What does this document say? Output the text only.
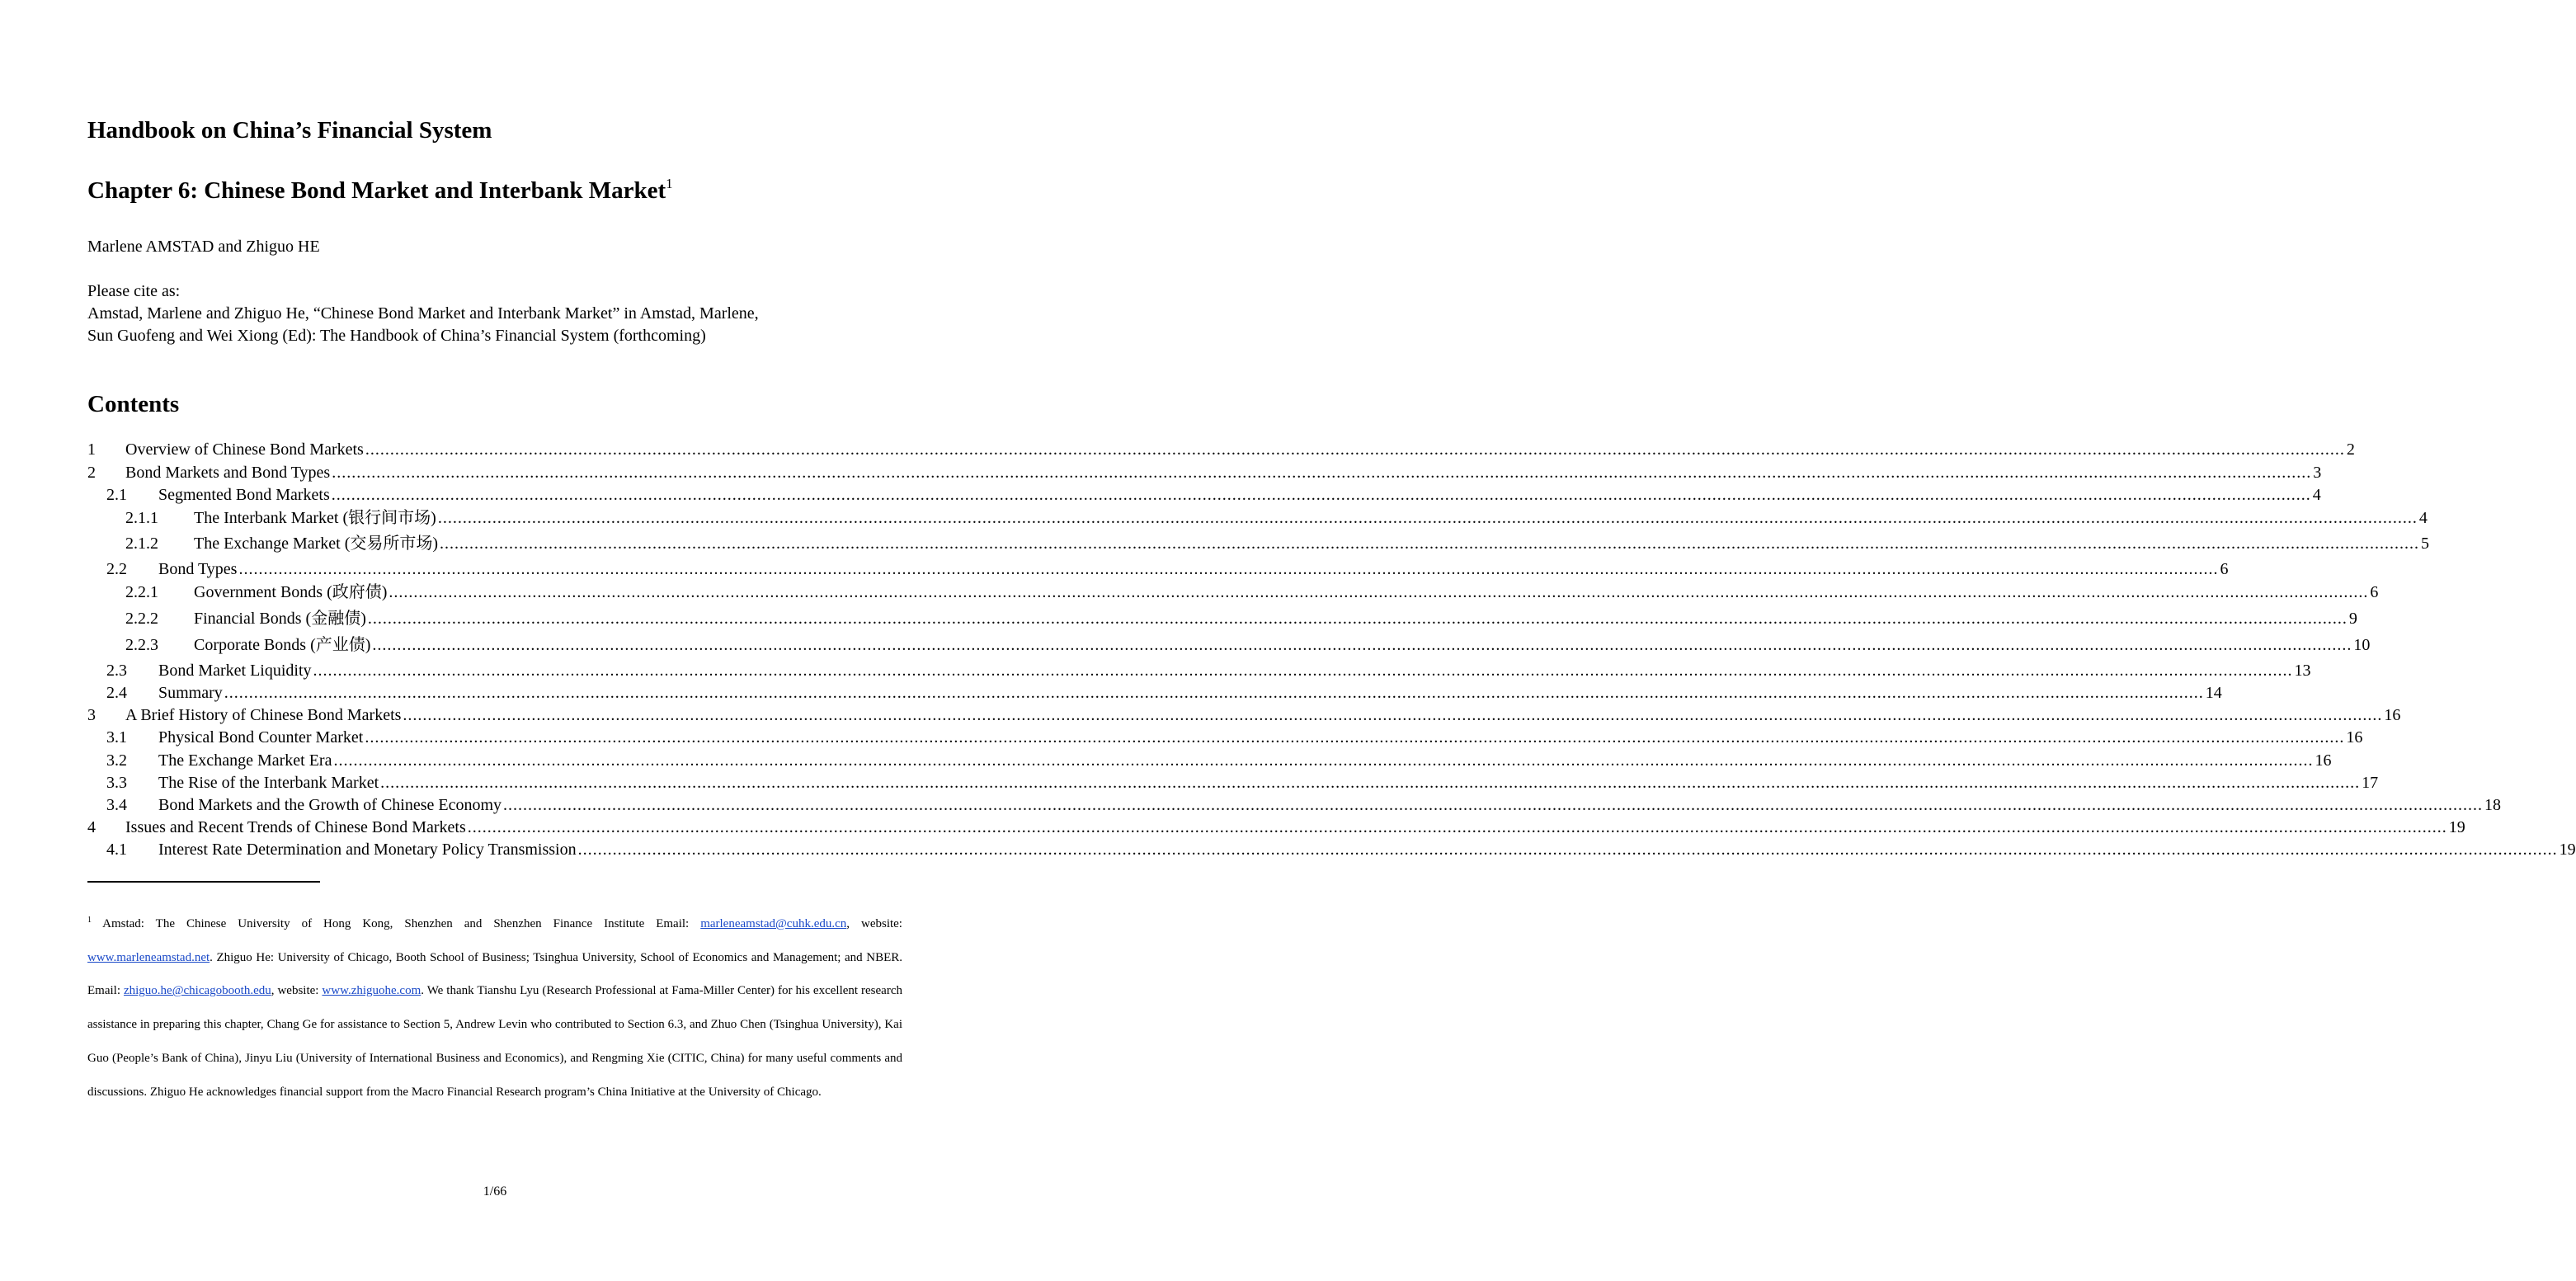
Handbook on China’s Financial System
Chapter 6: Chinese Bond Market and Interbank Market$^1$
Marlene AMSTAD and Zhiguo HE
Please cite as:
Amstad, Marlene and Zhiguo He, “Chinese Bond Market and Interbank Market” in Amstad, Marlene,
Sun Guofeng and Wei Xiong (Ed): The Handbook of China’s Financial System (forthcoming)
Contents
1 Overview of Chinese Bond Markets ................................................................................................................................................................................................................................................................................................................................................................................................................ 2
2 Bond Markets and Bond Types ................................................................................................................................................................................................................................................................................................................................................................................................................ 3
2.1 Segmented Bond Markets ................................................................................................................................................................................................................................................................................................................................................................................................................ 4
2.1.1 The Interbank Market (银行间市场) ................................................................................................................................................................................................................................................................................................................................................................................................................ 4
2.1.2 The Exchange Market (交易所市场) ................................................................................................................................................................................................................................................................................................................................................................................................................ 5
2.2 Bond Types ................................................................................................................................................................................................................................................................................................................................................................................................................ 6
2.2.1 Government Bonds (政府债) ................................................................................................................................................................................................................................................................................................................................................................................................................ 6
2.2.2 Financial Bonds (金融债) ................................................................................................................................................................................................................................................................................................................................................................................................................ 9
2.2.3 Corporate Bonds (产业债) ................................................................................................................................................................................................................................................................................................................................................................................................................ 10
2.3 Bond Market Liquidity ................................................................................................................................................................................................................................................................................................................................................................................................................ 13
2.4 Summary ................................................................................................................................................................................................................................................................................................................................................................................................................ 14
3 A Brief History of Chinese Bond Markets ................................................................................................................................................................................................................................................................................................................................................................................................................ 16
3.1 Physical Bond Counter Market ................................................................................................................................................................................................................................................................................................................................................................................................................ 16
3.2 The Exchange Market Era ................................................................................................................................................................................................................................................................................................................................................................................................................ 16
3.3 The Rise of the Interbank Market ................................................................................................................................................................................................................................................................................................................................................................................................................ 17
3.4 Bond Markets and the Growth of Chinese Economy ................................................................................................................................................................................................................................................................................................................................................................................................................ 18
4 Issues and Recent Trends of Chinese Bond Markets ................................................................................................................................................................................................................................................................................................................................................................................................................ 19
4.1 Interest Rate Determination and Monetary Policy Transmission ................................................................................................................................................................................................................................................................................................................................................................................................................ 19
$^1$ Amstad: The Chinese University of Hong Kong, Shenzhen and Shenzhen Finance Institute Email: marleneamstad@cuhk.edu.cn, website: www.marleneamstad.net. Zhiguo He: University of Chicago, Booth School of Business; Tsinghua University, School of Economics and Management; and NBER. Email: zhiguo.he@chicagobooth.edu, website: www.zhiguohe.com. We thank Tianshu Lyu (Research Professional at Fama-Miller Center) for his excellent research assistance in preparing this chapter, Chang Ge for assistance to Section 5, Andrew Levin who contributed to Section 6.3, and Zhuo Chen (Tsinghua University), Kai Guo (People’s Bank of China), Jinyu Liu (University of International Business and Economics), and Rengming Xie (CITIC, China) for many useful comments and discussions. Zhiguo He acknowledges financial support from the Macro Financial Research program’s China Initiative at the University of Chicago.
1/66
